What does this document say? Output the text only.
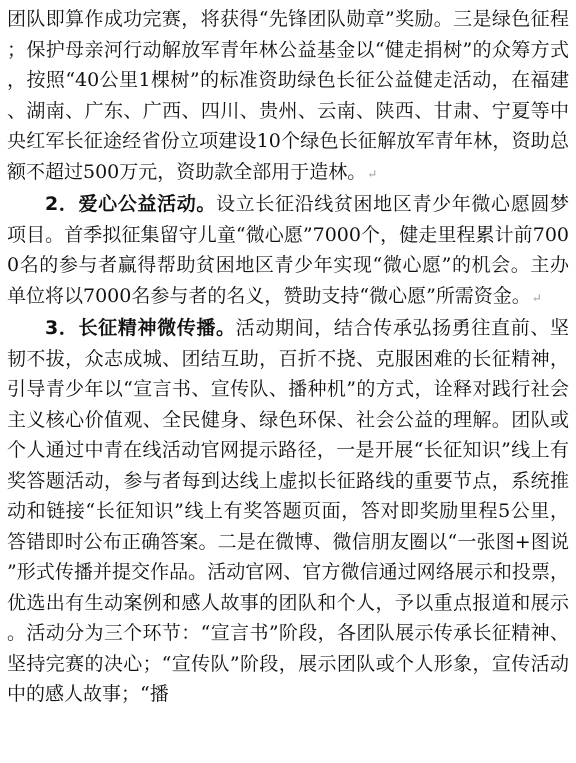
团队即算作成功完赛，将获得“先锋团队勋章”奖励。三是绿色征程；保护母亲河行动解放军青年林公益基金以“健走捐树”的众筹方式，按照“40公里1棵树”的标准资助绿色长征公益健走活动，在福建、湖南、广东、广西、四川、贵州、云南、陕西、甘肃、宁夏等中央红军长征途经省份立项建设10个绿色长征解放军青年林，资助总额不超过500万元，资助款全部用于造林。↵

2．爱心公益活动。设立长征沿线贫困地区青少年微心愿圆梦项目。首季拟征集留守儿童“微心愿”7000个，健走里程累计前7000名的参与者赢得帮助贫困地区青少年实现“微心愿”的机会。主办单位将以7000名参与者的名义，赞助支持“微心愿”所需资金。↵

3．长征精神微传播。活动期间，结合传承弘扬勇往直前、坚韧不拔，众志成城、团结互助，百折不挠、克服困难的长征精神，引导青少年以“宣言书、宣传队、播种机”的方式，诠释对践行社会主义核心价值观、全民健身、绿色环保、社会公益的理解。团队或个人通过中青在线活动官网提示路径，一是开展“长征知识”线上有奖答题活动，参与者每到达线上虚拟长征路线的重要节点，系统推动和链接“长征知识”线上有奖答题页面，答对即奖励里程5公里，答错即时公布正确答案。二是在微博、微信朋友圈以“一张图+图说”形式传播并提交作品。活动官网、官方微信通过网络展示和投票，优选出有生动案例和感人故事的团队和个人，予以重点报道和展示。活动分为三个环节：“宣言书”阶段，各团队展示传承长征精神、坚持完赛的决心；“宣传队”阶段，展示团队或个人形象，宣传活动中的感人故事；“播
